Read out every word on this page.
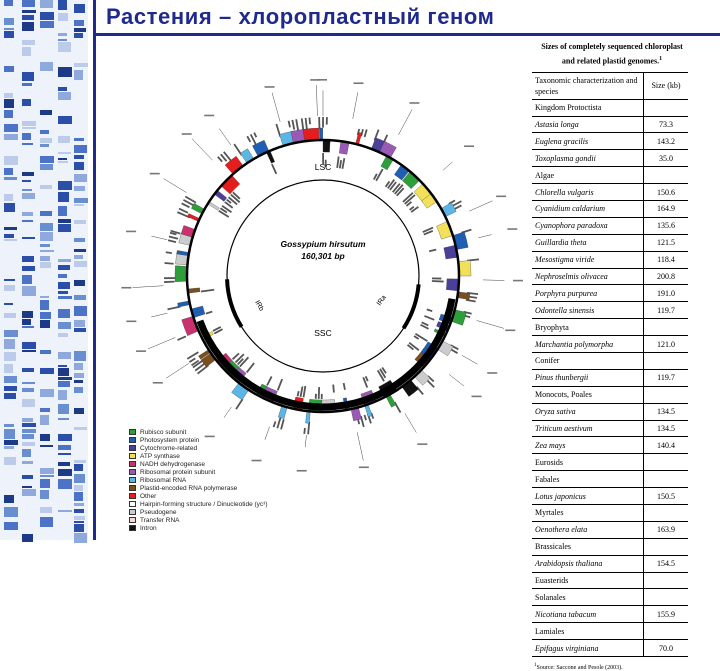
Растения – хлоропластный геном
LSC
SSC
IRb	IRa
Gossypium hirsutum
160,301 bp
Rubisco subunit
Photosystem protein
Cytochrome-related
ATP synthase
NADH dehydrogenase
Ribosomal protein subunit
Ribosomal RNA
Plastid-encoded RNA polymerase
Other
Hairpin-forming structure / Dinucleotide (yc³)
Pseudogene
Transfer RNA
Intron
Sizes of completely sequenced chloroplast and related plastid genomes.$^1$
Taxonomic characterization and species	Size (kb)
Kingdom Protoctista	
Astasia longa	73.3
Euglena gracilis	143.2
Toxoplasma gondii	35.0
Algae	
Chlorella vulgaris	150.6
Cyanidium caldarium	164.9
Cyanophora paradoxa	135.6
Guillardia theta	121.5
Mesostigma viride	118.4
Nephroselmis olivacea	200.8
Porphyra purpurea	191.0
Odontella sinensis	119.7
Bryophyta	
Marchantia polymorpha	121.0
Conifer	
Pinus thunbergii	119.7
Monocots, Poales	
Oryza sativa	134.5
Triticum aestivum	134.5
Zea mays	140.4
Eurosids	
Fabales	
Lotus japonicus	150.5
Myrtales	
Oenothera elata	163.9
Brassicales	
Arabidopsis thaliana	154.5
Euasterids	
Solanales	
Nicotiana tabacum	155.9
Lamiales	
Epifagus virginiana	70.0
$^1$Source: Saccone and Pesole (2003).
